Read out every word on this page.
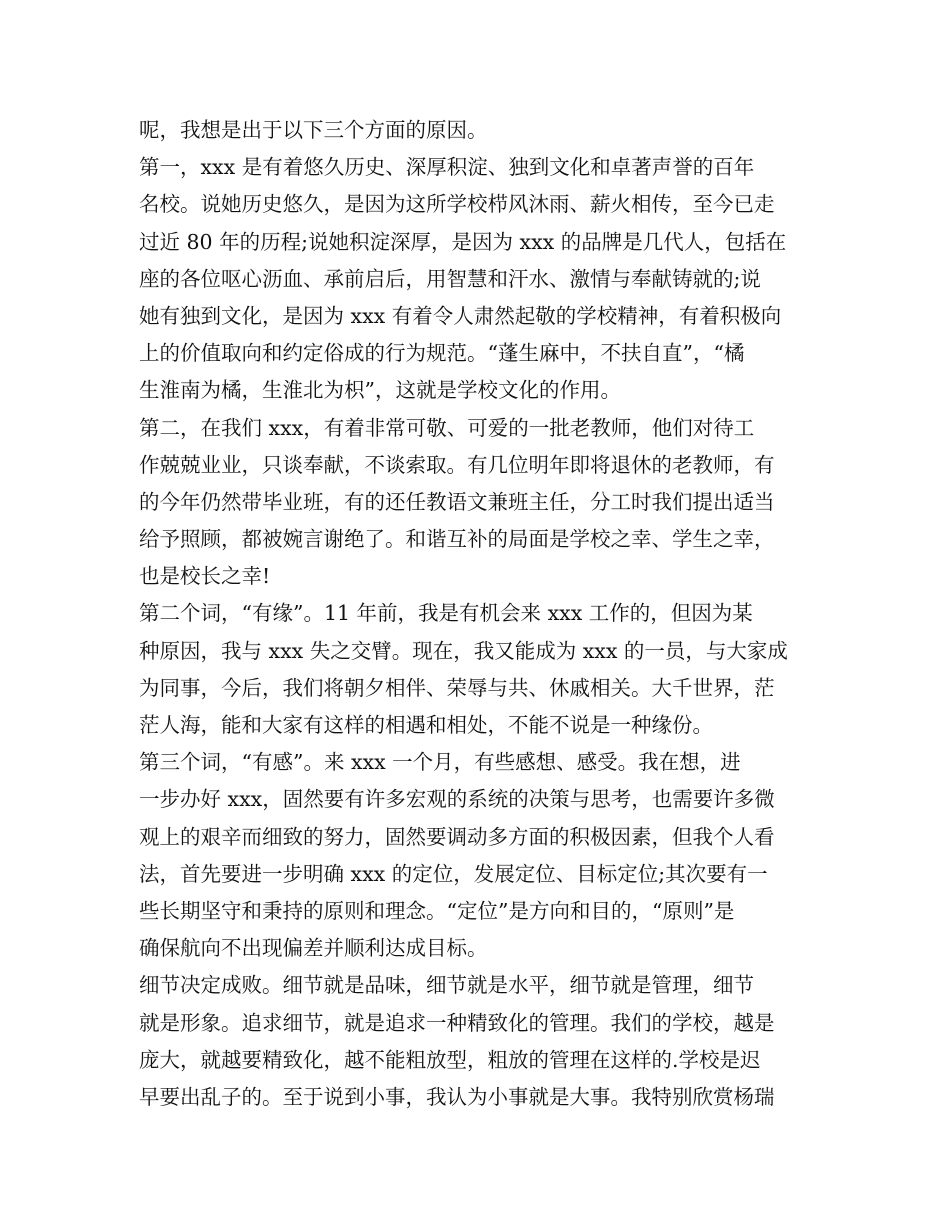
呢，我想是出于以下三个方面的原因。
第一，xxx 是有着悠久历史、深厚积淀、独到文化和卓著声誉的百年
名校。说她历史悠久，是因为这所学校栉风沐雨、薪火相传，至今已走
过近 80 年的历程;说她积淀深厚，是因为 xxx 的品牌是几代人，包括在
座的各位呕心沥血、承前启后，用智慧和汗水、激情与奉献铸就的;说
她有独到文化，是因为 xxx 有着令人肃然起敬的学校精神，有着积极向
上的价值取向和约定俗成的行为规范。“蓬生麻中，不扶自直”，“橘
生淮南为橘，生淮北为枳”，这就是学校文化的作用。
第二，在我们 xxx，有着非常可敬、可爱的一批老教师，他们对待工
作兢兢业业，只谈奉献，不谈索取。有几位明年即将退休的老教师，有
的今年仍然带毕业班，有的还任教语文兼班主任，分工时我们提出适当
给予照顾，都被婉言谢绝了。和谐互补的局面是学校之幸、学生之幸，
也是校长之幸!
第二个词，“有缘”。11 年前，我是有机会来 xxx 工作的，但因为某
种原因，我与 xxx 失之交臂。现在，我又能成为 xxx 的一员，与大家成
为同事，今后，我们将朝夕相伴、荣辱与共、休戚相关。大千世界，茫
茫人海，能和大家有这样的相遇和相处，不能不说是一种缘份。
第三个词，“有感”。来 xxx 一个月，有些感想、感受。我在想，进
一步办好 xxx，固然要有许多宏观的系统的决策与思考，也需要许多微
观上的艰辛而细致的努力，固然要调动多方面的积极因素，但我个人看
法，首先要进一步明确 xxx 的定位，发展定位、目标定位;其次要有一
些长期坚守和秉持的原则和理念。“定位”是方向和目的，“原则”是
确保航向不出现偏差并顺利达成目标。
细节决定成败。细节就是品味，细节就是水平，细节就是管理，细节
就是形象。追求细节，就是追求一种精致化的管理。我们的学校，越是
庞大，就越要精致化，越不能粗放型，粗放的管理在这样的.学校是迟
早要出乱子的。至于说到小事，我认为小事就是大事。我特别欣赏杨瑞
